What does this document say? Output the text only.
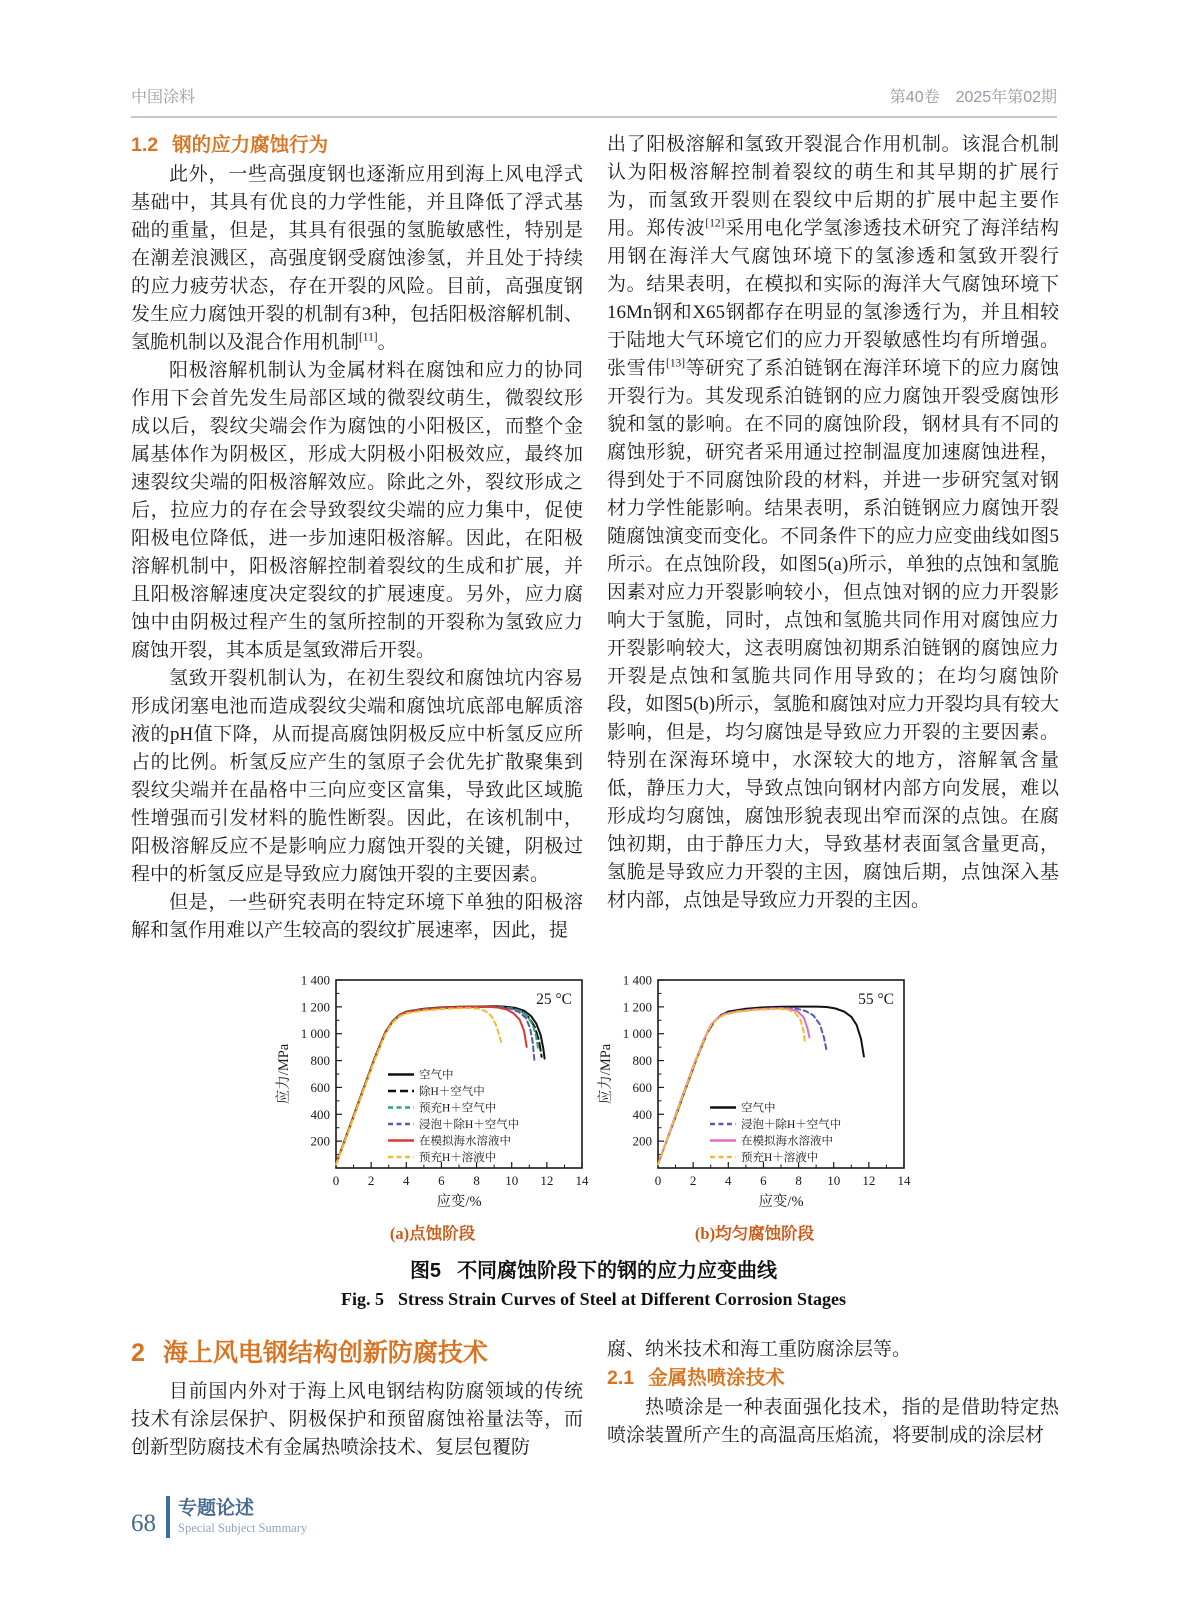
中国涂料	第40卷　2025年第02期
1.2 钢的应力腐蚀行为

此外，一些高强度钢也逐渐应用到海上风电浮式基础中，其具有优良的力学性能，并且降低了浮式基础的重量，但是，其具有很强的氢脆敏感性，特别是在潮差浪溅区，高强度钢受腐蚀渗氢，并且处于持续的应力疲劳状态，存在开裂的风险。目前，高强度钢发生应力腐蚀开裂的机制有3种，包括阳极溶解机制、氢脆机制以及混合作用机制[11]。

阳极溶解机制认为金属材料在腐蚀和应力的协同作用下会首先发生局部区域的微裂纹萌生，微裂纹形成以后，裂纹尖端会作为腐蚀的小阳极区，而整个金属基体作为阴极区，形成大阴极小阳极效应，最终加速裂纹尖端的阳极溶解效应。除此之外，裂纹形成之后，拉应力的存在会导致裂纹尖端的应力集中，促使阳极电位降低，进一步加速阳极溶解。因此，在阳极溶解机制中，阳极溶解控制着裂纹的生成和扩展，并且阳极溶解速度决定裂纹的扩展速度。另外，应力腐蚀中由阴极过程产生的氢所控制的开裂称为氢致应力腐蚀开裂，其本质是氢致滞后开裂。

氢致开裂机制认为，在初生裂纹和腐蚀坑内容易形成闭塞电池而造成裂纹尖端和腐蚀坑底部电解质溶液的pH值下降，从而提高腐蚀阴极反应中析氢反应所占的比例。析氢反应产生的氢原子会优先扩散聚集到裂纹尖端并在晶格中三向应变区富集，导致此区域脆性增强而引发材料的脆性断裂。因此，在该机制中，阳极溶解反应不是影响应力腐蚀开裂的关键，阴极过程中的析氢反应是导致应力腐蚀开裂的主要因素。

但是，一些研究表明在特定环境下单独的阳极溶解和氢作用难以产生较高的裂纹扩展速率，因此，提

出了阳极溶解和氢致开裂混合作用机制。该混合机制认为阳极溶解控制着裂纹的萌生和其早期的扩展行为，而氢致开裂则在裂纹中后期的扩展中起主要作用。郑传波[12]采用电化学氢渗透技术研究了海洋结构用钢在海洋大气腐蚀环境下的氢渗透和氢致开裂行为。结果表明，在模拟和实际的海洋大气腐蚀环境下16Mn钢和X65钢都存在明显的氢渗透行为，并且相较于陆地大气环境它们的应力开裂敏感性均有所增强。张雪伟[13]等研究了系泊链钢在海洋环境下的应力腐蚀开裂行为。其发现系泊链钢的应力腐蚀开裂受腐蚀形貌和氢的影响。在不同的腐蚀阶段，钢材具有不同的腐蚀形貌，研究者采用通过控制温度加速腐蚀进程，得到处于不同腐蚀阶段的材料，并进一步研究氢对钢材力学性能影响。结果表明，系泊链钢应力腐蚀开裂随腐蚀演变而变化。不同条件下的应力应变曲线如图5所示。在点蚀阶段，如图5(a)所示，单独的点蚀和氢脆因素对应力开裂影响较小，但点蚀对钢的应力开裂影响大于氢脆，同时，点蚀和氢脆共同作用对腐蚀应力开裂影响较大，这表明腐蚀初期系泊链钢的腐蚀应力开裂是点蚀和氢脆共同作用导致的；在均匀腐蚀阶段，如图5(b)所示，氢脆和腐蚀对应力开裂均具有较大影响，但是，均匀腐蚀是导致应力开裂的主要因素。特别在深海环境中，水深较大的地方，溶解氧含量低，静压力大，导致点蚀向钢材内部方向发展，难以形成均匀腐蚀，腐蚀形貌表现出窄而深的点蚀。在腐蚀初期，由于静压力大，导致基材表面氢含量更高，氢脆是导致应力开裂的主因，腐蚀后期，点蚀深入基材内部，点蚀是导致应力开裂的主因。

0 2 4 6 8 10 12 14
200
400
600
800
1 000
1 200
1 400
应力/MPa
应变/%
25 °C
空气中
除H＋空气中
预充H＋空气中
浸泡＋除H＋空气中
在模拟海水溶液中
预充H＋溶液中
0 2 4 6 8 10 12 14
200
400
600
800
1 000
1 200
1 400
应力/MPa
应变/%
55 °C
空气中
浸泡＋除H＋空气中
在模拟海水溶液中
预充H＋溶液中
(a)点蚀阶段	(b)均匀腐蚀阶段
图5 不同腐蚀阶段下的钢的应力应变曲线
Fig. 5 Stress Strain Curves of Steel at Different Corrosion Stages
2 海上风电钢结构创新防腐技术

目前国内外对于海上风电钢结构防腐领域的传统技术有涂层保护、阴极保护和预留腐蚀裕量法等，而创新型防腐技术有金属热喷涂技术、复层包覆防

腐、纳米技术和海工重防腐涂层等。

2.1 金属热喷涂技术

热喷涂是一种表面强化技术，指的是借助特定热喷涂装置所产生的高温高压焰流，将要制成的涂层材

68
专题论述
Special Subject Summary
